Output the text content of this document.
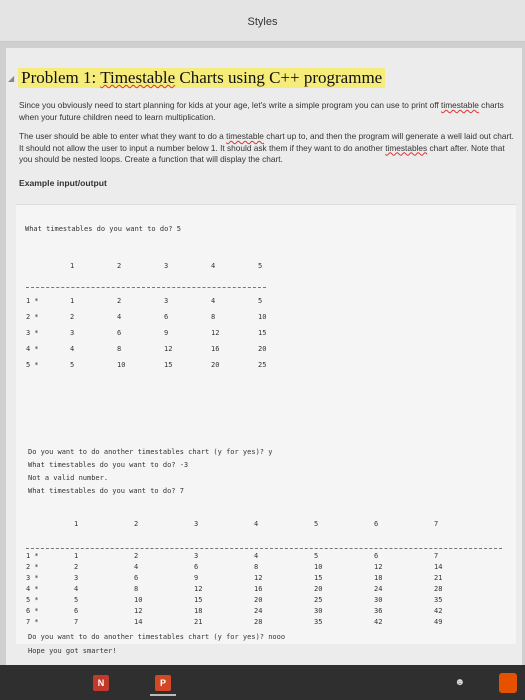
Styles
◢ Problem 1: Timestable Charts using C++ programme
Since you obviously need to start planning for kids at your age, let's write a simple program you can use to print off timestable charts when your future children need to learn multiplication.
The user should be able to enter what they want to do a timestable chart up to, and then the program will generate a well laid out chart. It should not allow the user to input a number below 1. It should ask them if they want to do another timestables chart after. Note that you should be nested loops. Create a function that will display the chart.
Example input/output
What timestables do you want to do? 5
Do you want to do another timestables chart (y for yes)? y
What timestables do you want to do? -3
Not a valid number.
What timestables do you want to do? 7
Do you want to do another timestables chart (y for yes)? nooo
Hope you got smarter!
1	2	3	4	5
1 *	1	2	3	4	5
2 *	2	4	6	8	10
3 *	3	6	9	12	15
4 *	4	8	12	16	20
5 *	5	10	15	20	25
1	2	3	4	5	6	7
1 *	1	2	3	4	5	6	7
2 *	2	4	6	8	10	12	14
3 *	3	6	9	12	15	18	21
4 *	4	8	12	16	20	24	28
5 *	5	10	15	20	25	30	35
6 *	6	12	18	24	30	36	42
7 *	7	14	21	28	35	42	49
N	P	☻
